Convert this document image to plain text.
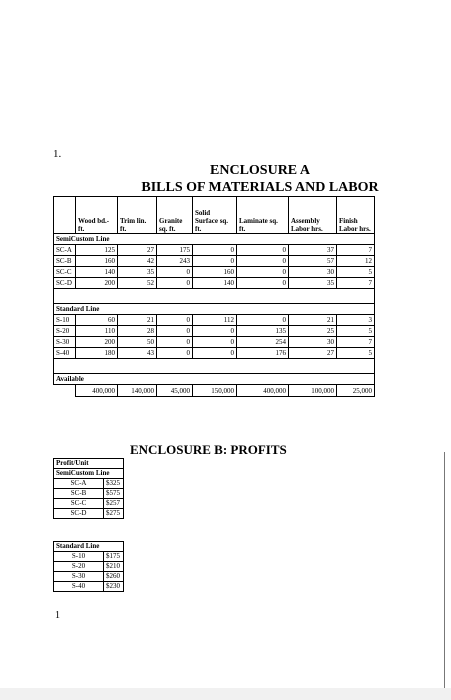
1.
ENCLOSURE A
BILLS OF MATERIALS AND LABOR
	Wood bd.-ft.	Trim lin. ft.	Granite sq. ft.	Solid Surface sq. ft.	Laminate sq. ft.	Assembly Labor hrs.	Finish Labor hrs.
SemiCustom Line							
SC-A	125	27	175	0	0	37	7
SC-B	160	42	243	0	0	57	12
SC-C	140	35	0	160	0	30	5
SC-D	200	52	0	140	0	35	7

Standard Line							
S-10	60	21	0	112	0	21	3
S-20	110	28	0	0	135	25	5
S-30	200	50	0	0	254	30	7
S-40	180	43	0	0	176	27	5

Available							
	400,000	140,000	45,000	150,000	400,000	100,000	25,000
ENCLOSURE B: PROFITS
Profit/Unit	
SemiCustom Line	
SC-A	$325
SC-B	$575
SC-C	$257
SC-D	$275

Standard Line	
S-10	$175
S-20	$210
S-30	$260
S-40	$230
1
